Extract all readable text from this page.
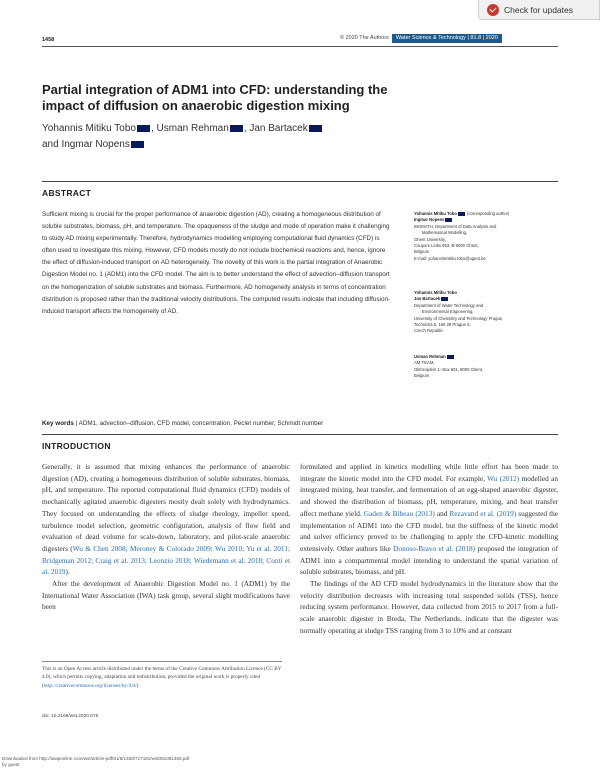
Check for updates
1458	© 2020 The Authors	Water Science & Technology | 81.8 | 2020
Partial integration of ADM1 into CFD: understanding the impact of diffusion on anaerobic digestion mixing
Yohannis Mitiku Tobo , Usman Rehman , Jan Bartacek
and Ingmar Nopens
ABSTRACT
Sufficient mixing is crucial for the proper performance of anaerobic digestion (AD), creating a homogeneous distribution of soluble substrates, biomass, pH, and temperature. The opaqueness of the sludge and mode of operation make it challenging to study AD mixing experimentally. Therefore, hydrodynamics modelling employing computational fluid dynamics (CFD) is often used to investigate this mixing. However, CFD models mostly do not include biochemical reactions and, hence, ignore the effect of diffusion-induced transport on AD heterogeneity. The novelty of this work is the partial integration of Anaerobic Digestion Model no. 1 (ADM1) into the CFD model. The aim is to better understand the effect of advection–diffusion transport on the homogenization of soluble substrates and biomass. Furthermore, AD homogeneity analysis in terms of concentration distribution is proposed rather than the traditional velocity distributions. The computed results indicate that including diffusion-induced transport affects the homogeneity of AD.
Key words | ADM1, advection–diffusion, CFD model, concentration, Peclet number, Schmidt number
Yohannis Mitiku Tobo (corresponding author)
Ingmar Nopens
BIOMATH, Department of Data Analysis and
Mathematical Modelling,
Ghent University,
Coupure Links 653, B-9000 Ghent,
Belgium
E-mail: yohannismitiku.tobo@ugent.be
Yohannis Mitiku Tobo
Jan Bartacek
Department of Water Technology and
Environmental Engineering,
University of Chemistry and Technology Prague,
Technická 5, 166 28 Prague 6,
Czech Republic
Usman Rehman
AM-TEAM,
Oktrooiplein 1- Box 601, 9000 Ghent,
Belgium
INTRODUCTION

Generally, it is assumed that mixing enhances the performance of anaerobic digestion (AD), creating a homogeneous distribution of soluble substrates, biomass, pH, and temperature. The reported computational fluid dynamics (CFD) models of mechanically agitated anaerobic digesters mostly dealt solely with hydrodynamics. They focused on understanding the effects of sludge rheology, impeller speed, turbulence model selection, geometric configuration, analysis of flow field and evaluation of dead volume for scale-down, laboratory, and pilot-scale anaerobic digesters (Wu & Chen 2008; Meroney & Colorado 2009; Wu 2010; Yu et al. 2011; Bridgeman 2012; Craig et al. 2013; Leonzio 2018; Wiedemann et al. 2018; Conti et al. 2019).

After the development of Anaerobic Digestion Model no. 1 (ADM1) by the International Water Association (IWA) task group, several slight modifications have been

formulated and applied in kinetics modelling while little effort has been made to integrate the kinetic model into the CFD model. For example, Wu (2012) modelled an integrated mixing, heat transfer, and fermentation of an egg-shaped anaerobic digester, and showed the distribution of biomass, pH, temperature, mixing, and heat transfer affect methane yield. Gaden & Bibeau (2013) and Rezavand et al. (2019) suggested the implementation of ADM1 into the CFD model, but the stiffness of the kinetic model and solver efficiency proved to be challenging to apply the CFD-kinetic modelling extensively. Other authors like Donoso-Bravo et al. (2018) proposed the integration of ADM1 into a compartmental model intending to understand the spatial variation of soluble substrates, biomass, and pH.

The findings of the AD CFD model hydrodynamics in the literature show that the velocity distribution decreases with increasing total suspended solids (TSS), hence reducing system performance. However, data collected from 2015 to 2017 from a full-scale anaerobic digester in Breda, The Netherlands, indicate that the digester was normally operating at sludge TSS ranging from 3 to 10% and at constant

This is an Open Access article distributed under the terms of the Creative Commons Attribution Licence (CC BY 4.0), which permits copying, adaptation and redistribution, provided the original work is properly cited (http://creativecommons.org/licenses/by/4.0/).
doi: 10.2166/wst.2020.076
Downloaded from http://iwaponline.com/wst/article-pdf/81/8/1458/717181/wst081081458.pdf
by guest
